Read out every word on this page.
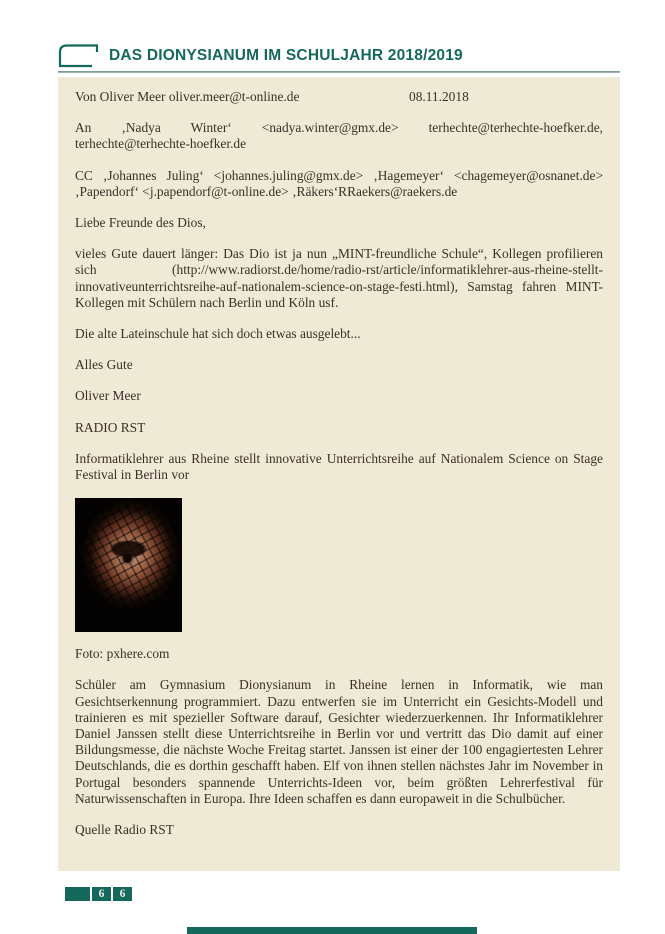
DAS DIONYSIANUM IM SCHULJAHR 2018/2019
Von Oliver Meer oliver.meer@t-online.de	08.11.2018

An ‚Nadya Winter‘ <nadya.winter@gmx.de> terhechte@terhechte-hoefker.de, terhechte@terhechte-hoefker.de

CC ‚Johannes Juling‘ <johannes.juling@gmx.de> ‚Hagemeyer‘ <chagemeyer@osnanet.de> ‚Papendorf‘ <j.papendorf@t-online.de> ‚Räkers‘RRaekers@raekers.de

Liebe Freunde des Dios,

vieles Gute dauert länger: Das Dio ist ja nun „MINT-freundliche Schule“, Kollegen profilieren sich (http://www.radiorst.de/home/radio-rst/article/informatiklehrer-aus-rheine-stellt-innovativeunterrichtsreihe-auf-nationalem-science-on-stage-festi.html), Samstag fahren MINT-Kollegen mit Schülern nach Berlin und Köln usf.

Die alte Lateinschule hat sich doch etwas ausgelebt...

Alles Gute

Oliver Meer

RADIO RST

Informatiklehrer aus Rheine stellt innovative Unterrichtsreihe auf Nationalem Science on Stage Festival in Berlin vor

Foto: pxhere.com

Schüler am Gymnasium Dionysianum in Rheine lernen in Informatik, wie man Gesichtserkennung programmiert. Dazu entwerfen sie im Unterricht ein Gesichts-Modell und trainieren es mit spezieller Software darauf, Gesichter wiederzuerkennen. Ihr Informatiklehrer Daniel Janssen stellt diese Unterrichtsreihe in Berlin vor und vertritt das Dio damit auf einer Bildungsmesse, die nächste Woche Freitag startet. Janssen ist einer der 100 engagiertesten Lehrer Deutschlands, die es dorthin geschafft haben. Elf von ihnen stellen nächstes Jahr im November in Portugal besonders spannende Unterrichts-Ideen vor, beim größten Lehrerfestival für Naturwissenschaften in Europa. Ihre Ideen schaffen es dann europaweit in die Schulbücher.

Quelle Radio RST

6	6
